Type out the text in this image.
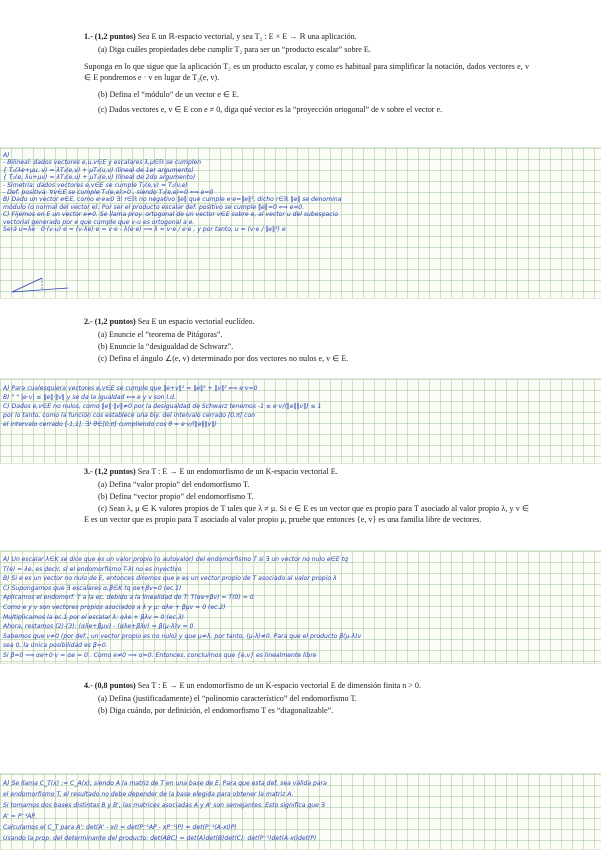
1.- (1,2 puntos) Sea E un ℝ-espacio vectorial, y sea T₂ : E × E → ℝ una aplicación.
(a) Diga cuáles propiedades debe cumplir T₂ para ser un “producto escalar” sobre E.
Suponga en lo que sigue que la aplicación T₂ es un producto escalar, y como es habitual para simplificar la notación, dados vectores e, v ∈ E pondremos e · v en lugar de T₂(e, v).
(b) Defina el “módulo” de un vector e ∈ E.
(c) Dados vectores e, v ∈ E con e ≠ 0, diga qué vector es la “proyección ortogonal” de v sobre el vector e.
A)
- Bilineal: dados vectores e,u,v∈E y escalares λ,μ∈ℝ se cumplen
{ T₂(λe+μu, v) = λT₂(e,v) + μT₂(u,v) (lineal de 1er argumento)
{ T₂(e, λu+μv) = λT₂(e,u) + μT₂(e,v) (lineal de 2do argumento)
- Simetría: dados vectores e,v∈E se cumple T₂(e,v) = T₂(v,e)
- Def. positiva: ∀v∈E se cumple T₂(e,e)>0 , siendo T₂(e,e)=0 ⟺ e=0
B) Dado un vector e∈E, como e·e≥0 ∃! r∈ℝ no negativo ‖e‖ que cumple e·e=‖e‖², dicho r∈ℝ ‖e‖ se denomina
módulo (o normal del vector e). Por ser el producto escalar def. positivo se cumple ‖e‖=0 ⟺ e=0.
C) Fijemos en E un vector e≠0. Se llama proy. ortogonal de un vector v∈E sobre e, al vector u del subespacio
vectorial generado por e que cumple que v-u es ortogonal a e.
Será u=λe · 0·(v-u)·e = (v-λe)·e = v·e - λ(e·e) ⟹ λ = v·e / e·e , y por tanto, u = (v·e / ‖e‖²) e
2.- (1,2 puntos) Sea E un espacio vectorial euclídeo.
(a) Enuncie el “teorema de Pitágoras”.
(b) Enuncie la “desigualdad de Schwarz”.
(c) Defina el ángulo ∠(e, v) determinado por dos vectores no nulos e, v ∈ E.
A) Para cualesquiera vectores e,v∈E se cumple que ‖e+v‖² = ‖e‖² + ‖v‖² ⟺ e·v=0
B) " " |e·v| ≤ ‖e‖·‖v‖ y se da la igualdad ⟺ e y v son l.d.
C) Dados e,v∈E no nulos, como ‖e‖·‖v‖≠0 por la desigualdad de Schwarz tenemos -1 ≤ e·v/(‖e‖‖v‖) ≤ 1
por lo tanto, como la función cos establece una biy. del intervalo cerrado [0,π] con
el intervalo cerrado [-1,1], ∃! θ∈[0,π] cumpliendo cos θ = e·v/(‖e‖‖v‖)
3.- (1,2 puntos) Sea T : E → E un endomorfismo de un K-espacio vectorial E.
(a) Defina “valor propio” del endomorfismo T.
(b) Defina “vector propio” del endomorfismo T.
(c) Sean λ, μ ∈ K valores propios de T tales que λ ≠ μ. Si e ∈ E es un vector que es propio para T asociado al valor propio λ, y v ∈ E es un vector que es propio para T asociado al valor propio μ, pruebe que entonces {e, v} es una familia libre de vectores.
A) Un escalar λ∈K se dice que es un valor propio (o autovalor) del endomorfismo T si ∃ un vector no nulo e∈E tq
T(e) = λe, es decir, si el endomorfismo T-λI no es inyectivo
B) Si e es un vector no nulo de E, entonces diremos que e es un vector propio de T asociado al valor propio λ
C) Supongamos que ∃ escalares α,β∈K tq αe+βv=0 (ec.1)
Aplicamos el endomorf. T a la ec. debido a la linealidad de T: T(αe+βv) = T(0) = 0
Como e y v son vectores propios asociados a λ y μ: αλe + βμv = 0 (ec.2)
Multiplicamos la ec.1 por el escalar λ: αλe + βλv = 0 (ec.3)
Ahora, restamos (2)-(3): (αλe+βμv) - (αλe+βλv) = β(μ-λ)v = 0
Sabemos que v≠0 (por def., un vector propio es no nulo) y que μ≠λ, por tanto, (μ-λ)≠0. Para que el producto β(μ-λ)v
sea 0, la única posibilidad es β=0.
Si β=0 ⟹ αe+0·v = αe = 0 . Como e≠0 ⟹ α=0. Entonces, concluimos que {e,v} es linealmente libre
4.- (0,8 puntos) Sea T : E → E un endomorfismo de un K-espacio vectorial E de dimensión finita n > 0.
(a) Defina (justificadamente) el “polinomio característico” del endomorfismo T.
(b) Diga cuándo, por definición, el endomorfismo T es “diagonalizable”.
A) Se llama C_T(x) := C_A(x), siendo A la matriz de T en una base de E. Para que esta def. sea válida para
el endomorfismo T, el resultado no debe depender de la base elegida para obtener la matriz A.
Si tomamos dos bases distintas B y B', las matrices asociadas A y A' son semejantes. Esto significa que ∃
A' = P⁻¹AP.
Calculamos el C_T para A': det(A' - xI) = det(P⁻¹AP - xP⁻¹IP) = det(P⁻¹(A-xI)P)
Usando la prop. del determinante del producto: det(ABC) = det(A)det(B)det(C): det(P⁻¹)det(A-xI)det(P)
